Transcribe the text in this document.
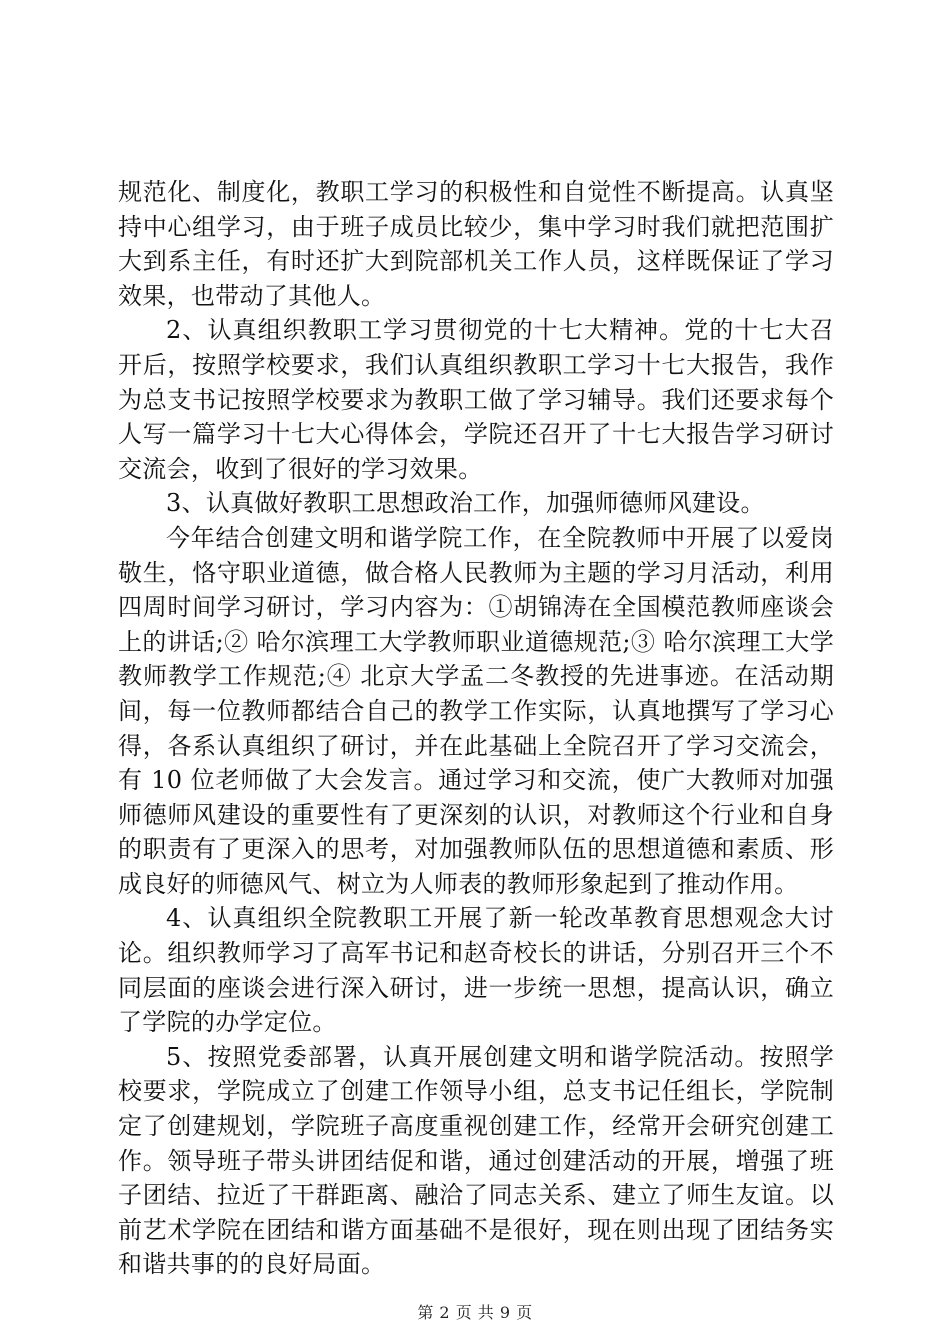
规范化、制度化，教职工学习的积极性和自觉性不断提高。认真坚持中心组学习，由于班子成员比较少，集中学习时我们就把范围扩大到系主任，有时还扩大到院部机关工作人员，这样既保证了学习效果，也带动了其他人。

2、认真组织教职工学习贯彻党的十七大精神。党的十七大召开后，按照学校要求，我们认真组织教职工学习十七大报告，我作为总支书记按照学校要求为教职工做了学习辅导。我们还要求每个人写一篇学习十七大心得体会，学院还召开了十七大报告学习研讨交流会，收到了很好的学习效果。

3、认真做好教职工思想政治工作，加强师德师风建设。

今年结合创建文明和谐学院工作，在全院教师中开展了以爱岗敬生，恪守职业道德，做合格人民教师为主题的学习月活动，利用四周时间学习研讨，学习内容为：①胡锦涛在全国模范教师座谈会上的讲话;② 哈尔滨理工大学教师职业道德规范;③ 哈尔滨理工大学教师教学工作规范;④ 北京大学孟二冬教授的先进事迹。在活动期间，每一位教师都结合自己的教学工作实际，认真地撰写了学习心得，各系认真组织了研讨，并在此基础上全院召开了学习交流会，有 10 位老师做了大会发言。通过学习和交流，使广大教师对加强师德师风建设的重要性有了更深刻的认识，对教师这个行业和自身的职责有了更深入的思考，对加强教师队伍的思想道德和素质、形成良好的师德风气、树立为人师表的教师形象起到了推动作用。

4、认真组织全院教职工开展了新一轮改革教育思想观念大讨论。组织教师学习了高军书记和赵奇校长的讲话，分别召开三个不同层面的座谈会进行深入研讨，进一步统一思想，提高认识，确立了学院的办学定位。

5、按照党委部署，认真开展创建文明和谐学院活动。按照学校要求，学院成立了创建工作领导小组，总支书记任组长，学院制定了创建规划，学院班子高度重视创建工作，经常开会研究创建工作。领导班子带头讲团结促和谐，通过创建活动的开展，增强了班子团结、拉近了干群距离、融洽了同志关系、建立了师生友谊。以前艺术学院在团结和谐方面基础不是很好，现在则出现了团结务实和谐共事的的良好局面。

第 2 页 共 9 页
